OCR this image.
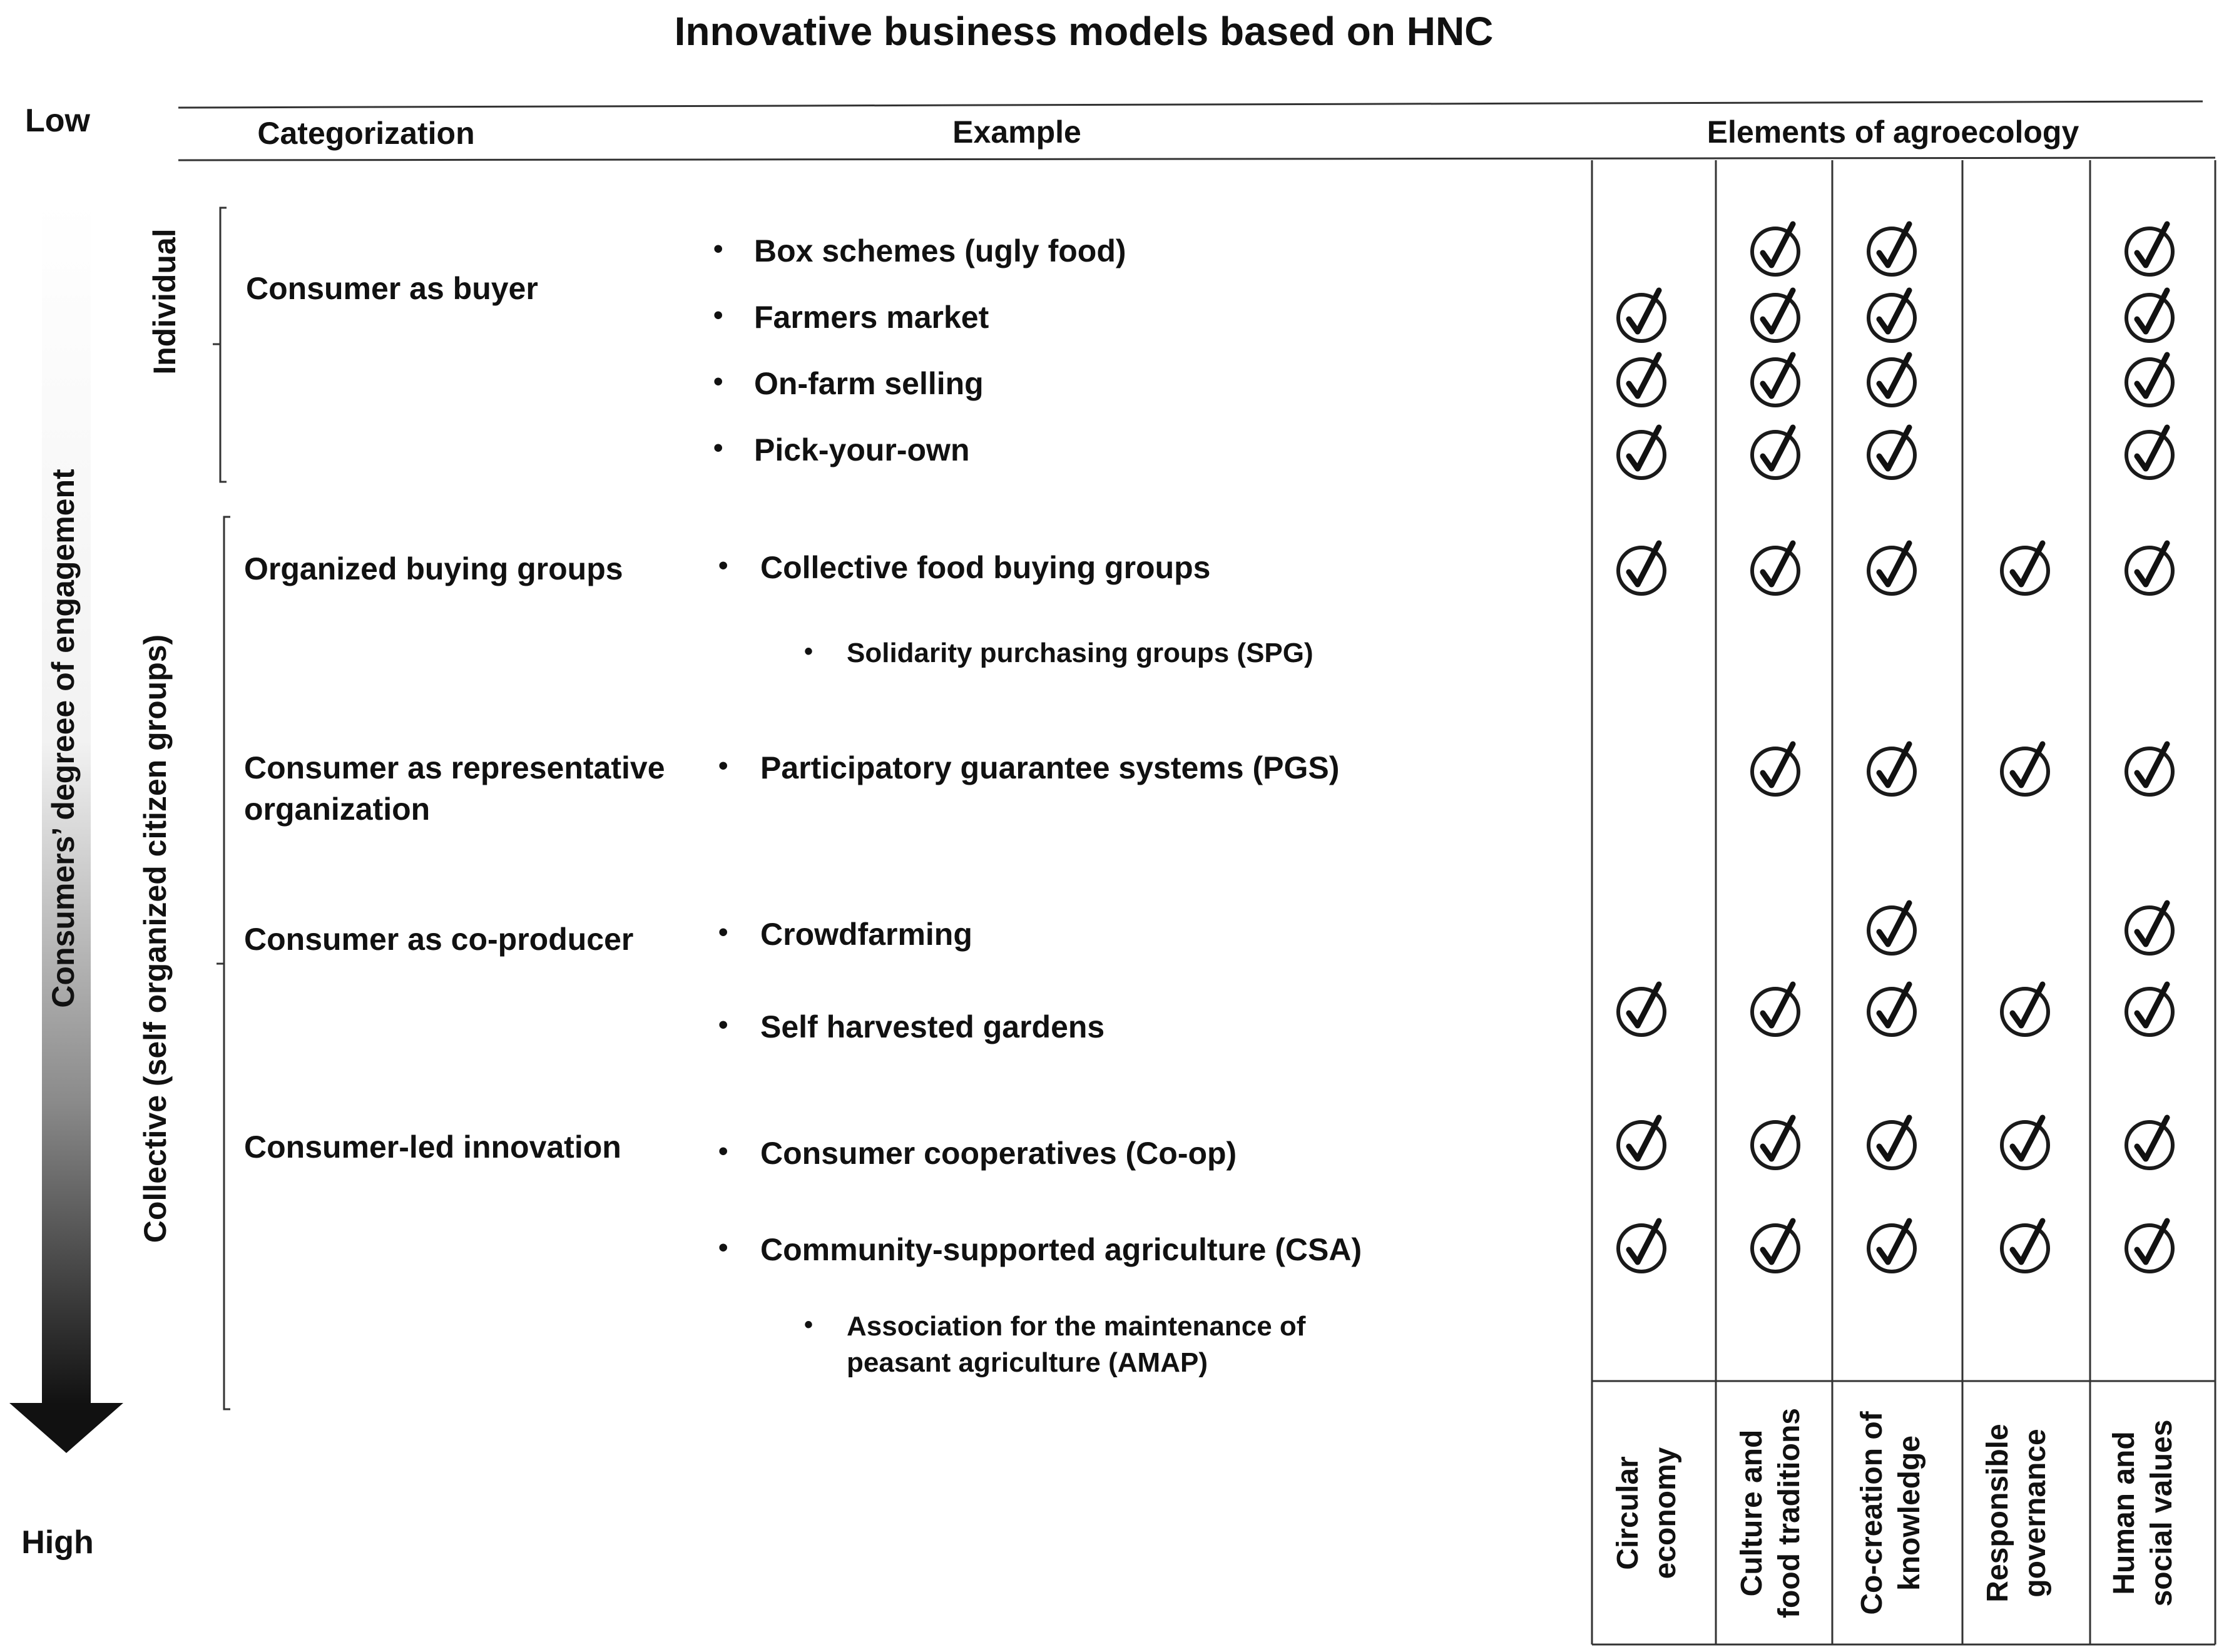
Innovative business models based on HNC
Low
High
Consumers’ degreee of engagement
Categorization	Example	Elements of agroecology
Individual
Collective (self organized citizen groups)
Consumer as buyer
Organized buying groups
Consumer as representative
organization
Consumer as co-producer
Consumer-led innovation
• Box schemes (ugly food)
• Farmers market
• On-farm selling
• Pick-your-own
• Collective food buying groups
• Participatory guarantee systems (PGS)
• Crowdfarming
• Self harvested gardens
• Consumer cooperatives (Co-op)
• Community-supported agriculture (CSA)
• Solidarity purchasing groups (SPG)
• Association for the maintenance of
peasant agriculture (AMAP)
Circular economy Culture and food traditions Co-creation of knowledge Responsible governance Human and social values
